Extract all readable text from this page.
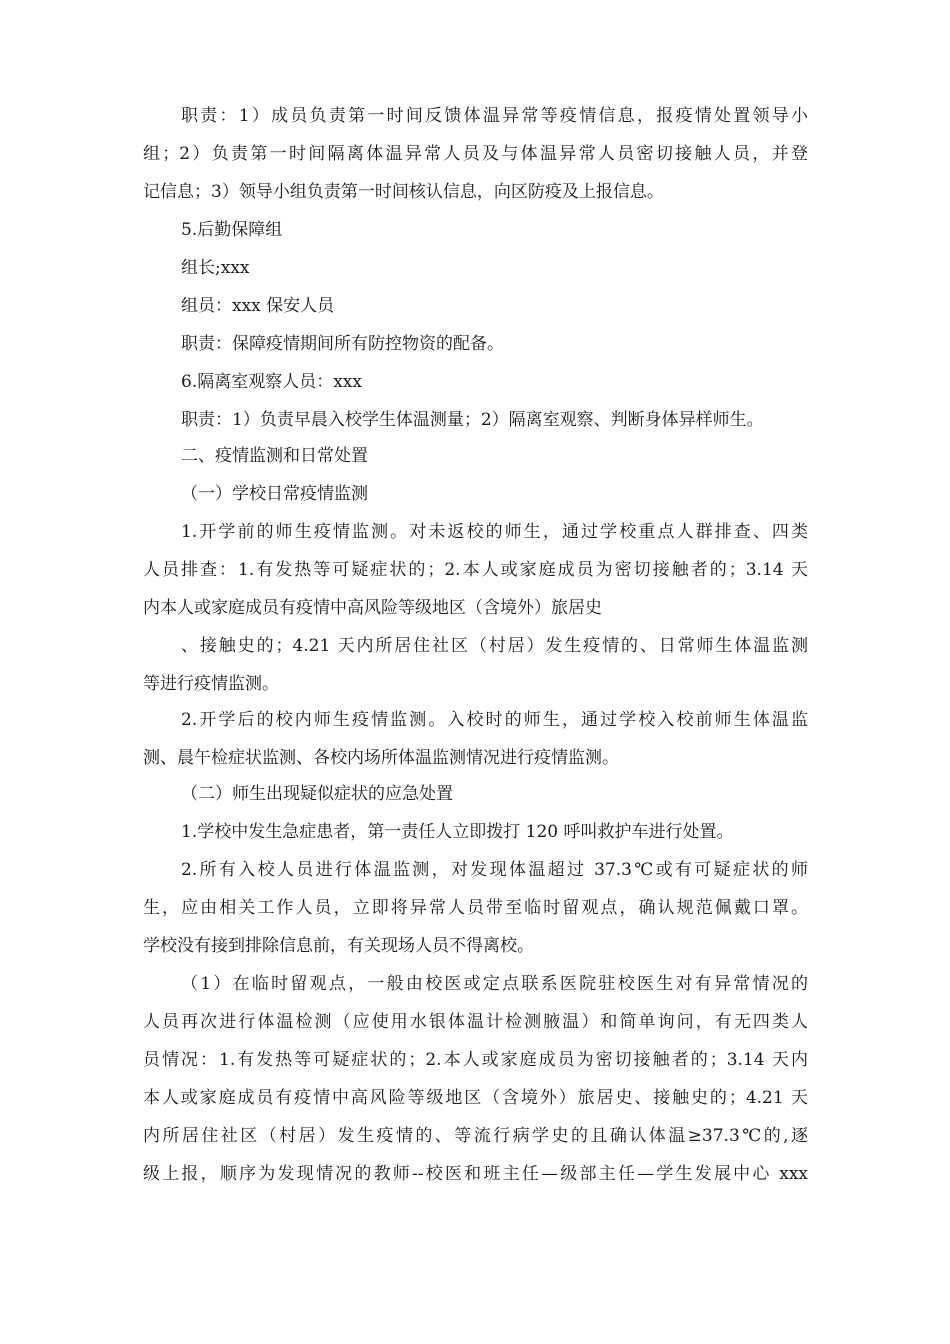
职责：1）成员负责第一时间反馈体温异常等疫情信息，报疫情处置领导小
组；2）负责第一时间隔离体温异常人员及与体温异常人员密切接触人员，并登
记信息；3）领导小组负责第一时间核认信息，向区防疫及上报信息。
5.后勤保障组
组长;xxx
组员：xxx 保安人员
职责：保障疫情期间所有防控物资的配备。
6.隔离室观察人员：xxx
职责：1）负责早晨入校学生体温测量；2）隔离室观察、判断身体异样师生。
二、疫情监测和日常处置
（一）学校日常疫情监测
1.开学前的师生疫情监测。对未返校的师生，通过学校重点人群排查、四类
人员排查：1.有发热等可疑症状的；2.本人或家庭成员为密切接触者的；3.14 天
内本人或家庭成员有疫情中高风险等级地区（含境外）旅居史
、接触史的；4.21 天内所居住社区（村居）发生疫情的、日常师生体温监测
等进行疫情监测。
2.开学后的校内师生疫情监测。入校时的师生，通过学校入校前师生体温监
测、晨午检症状监测、各校内场所体温监测情况进行疫情监测。
（二）师生出现疑似症状的应急处置
1.学校中发生急症患者，第一责任人立即拨打 120 呼叫救护车进行处置。
2.所有入校人员进行体温监测，对发现体温超过 37.3℃或有可疑症状的师
生，应由相关工作人员，立即将异常人员带至临时留观点，确认规范佩戴口罩。
学校没有接到排除信息前，有关现场人员不得离校。
（1）在临时留观点，一般由校医或定点联系医院驻校医生对有异常情况的
人员再次进行体温检测（应使用水银体温计检测腋温）和简单询问，有无四类人
员情况：1.有发热等可疑症状的；2.本人或家庭成员为密切接触者的；3.14 天内
本人或家庭成员有疫情中高风险等级地区（含境外）旅居史、接触史的；4.21 天
内所居住社区（村居）发生疫情的、等流行病学史的且确认体温≥37.3℃的,逐
级上报，顺序为发现情况的教师--校医和班主任—级部主任—学生发展中心 xxx
